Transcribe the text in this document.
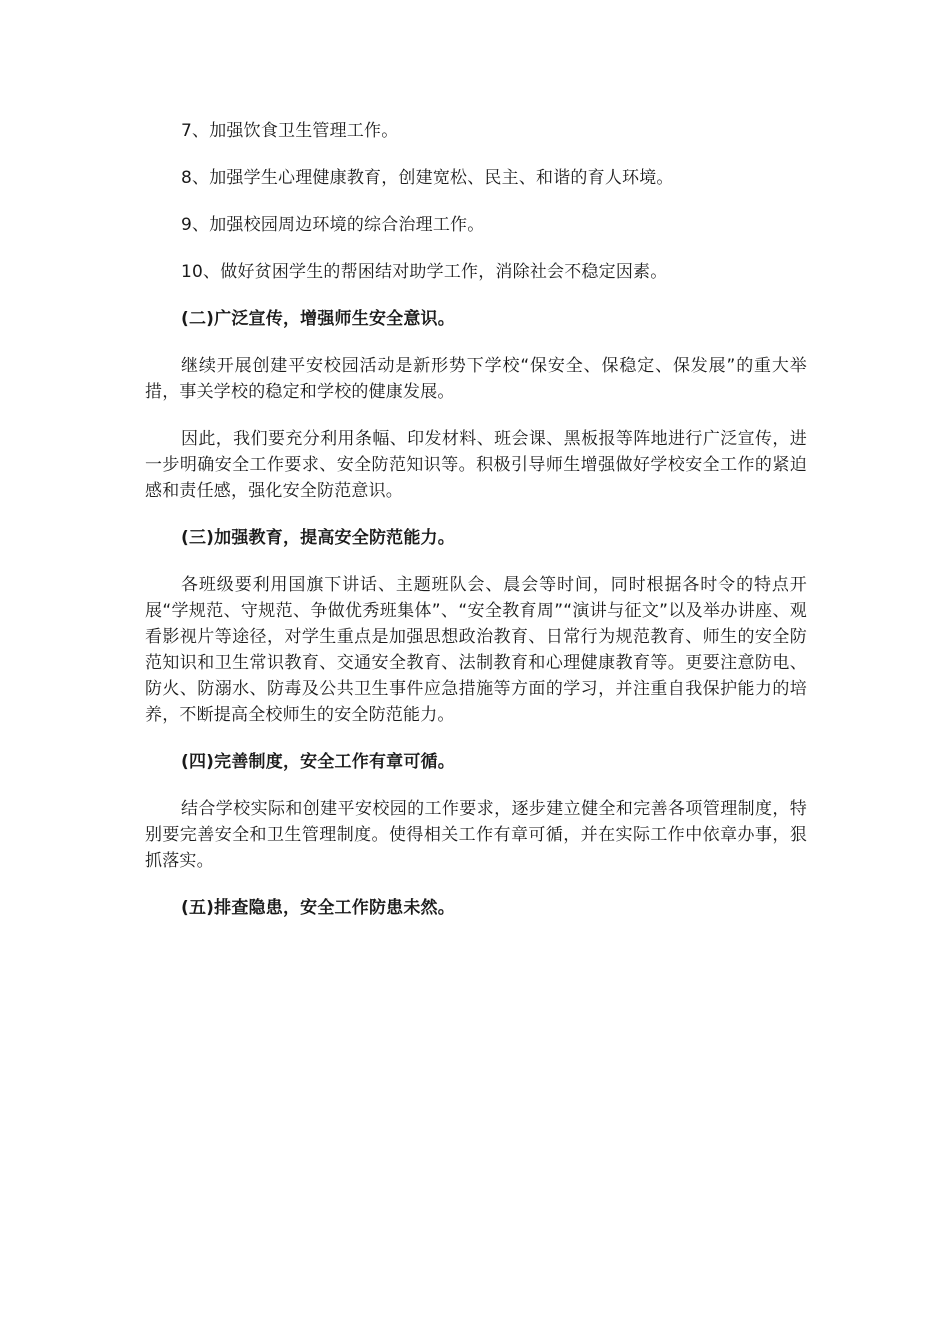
7、加强饮食卫生管理工作。

8、加强学生心理健康教育，创建宽松、民主、和谐的育人环境。

9、加强校园周边环境的综合治理工作。

10、做好贫困学生的帮困结对助学工作，消除社会不稳定因素。

(二)广泛宣传，增强师生安全意识。

继续开展创建平安校园活动是新形势下学校“保安全、保稳定、保发展”的重大举措，事关学校的稳定和学校的健康发展。

因此，我们要充分利用条幅、印发材料、班会课、黑板报等阵地进行广泛宣传，进一步明确安全工作要求、安全防范知识等。积极引导师生增强做好学校安全工作的紧迫感和责任感，强化安全防范意识。

(三)加强教育，提高安全防范能力。

各班级要利用国旗下讲话、主题班队会、晨会等时间，同时根据各时令的特点开展“学规范、守规范、争做优秀班集体”、“安全教育周”“演讲与征文”以及举办讲座、观看影视片等途径，对学生重点是加强思想政治教育、日常行为规范教育、师生的安全防范知识和卫生常识教育、交通安全教育、法制教育和心理健康教育等。更要注意防电、防火、防溺水、防毒及公共卫生事件应急措施等方面的学习，并注重自我保护能力的培养，不断提高全校师生的安全防范能力。

(四)完善制度，安全工作有章可循。

结合学校实际和创建平安校园的工作要求，逐步建立健全和完善各项管理制度，特别要完善安全和卫生管理制度。使得相关工作有章可循，并在实际工作中依章办事，狠抓落实。

(五)排查隐患，安全工作防患未然。
